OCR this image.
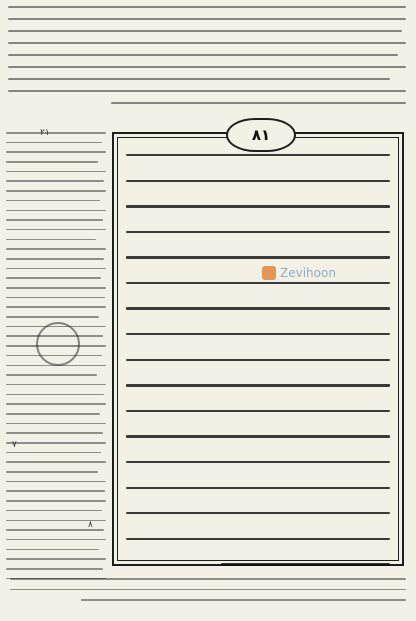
٢١
٧
٨
٨١
Zevihoon
